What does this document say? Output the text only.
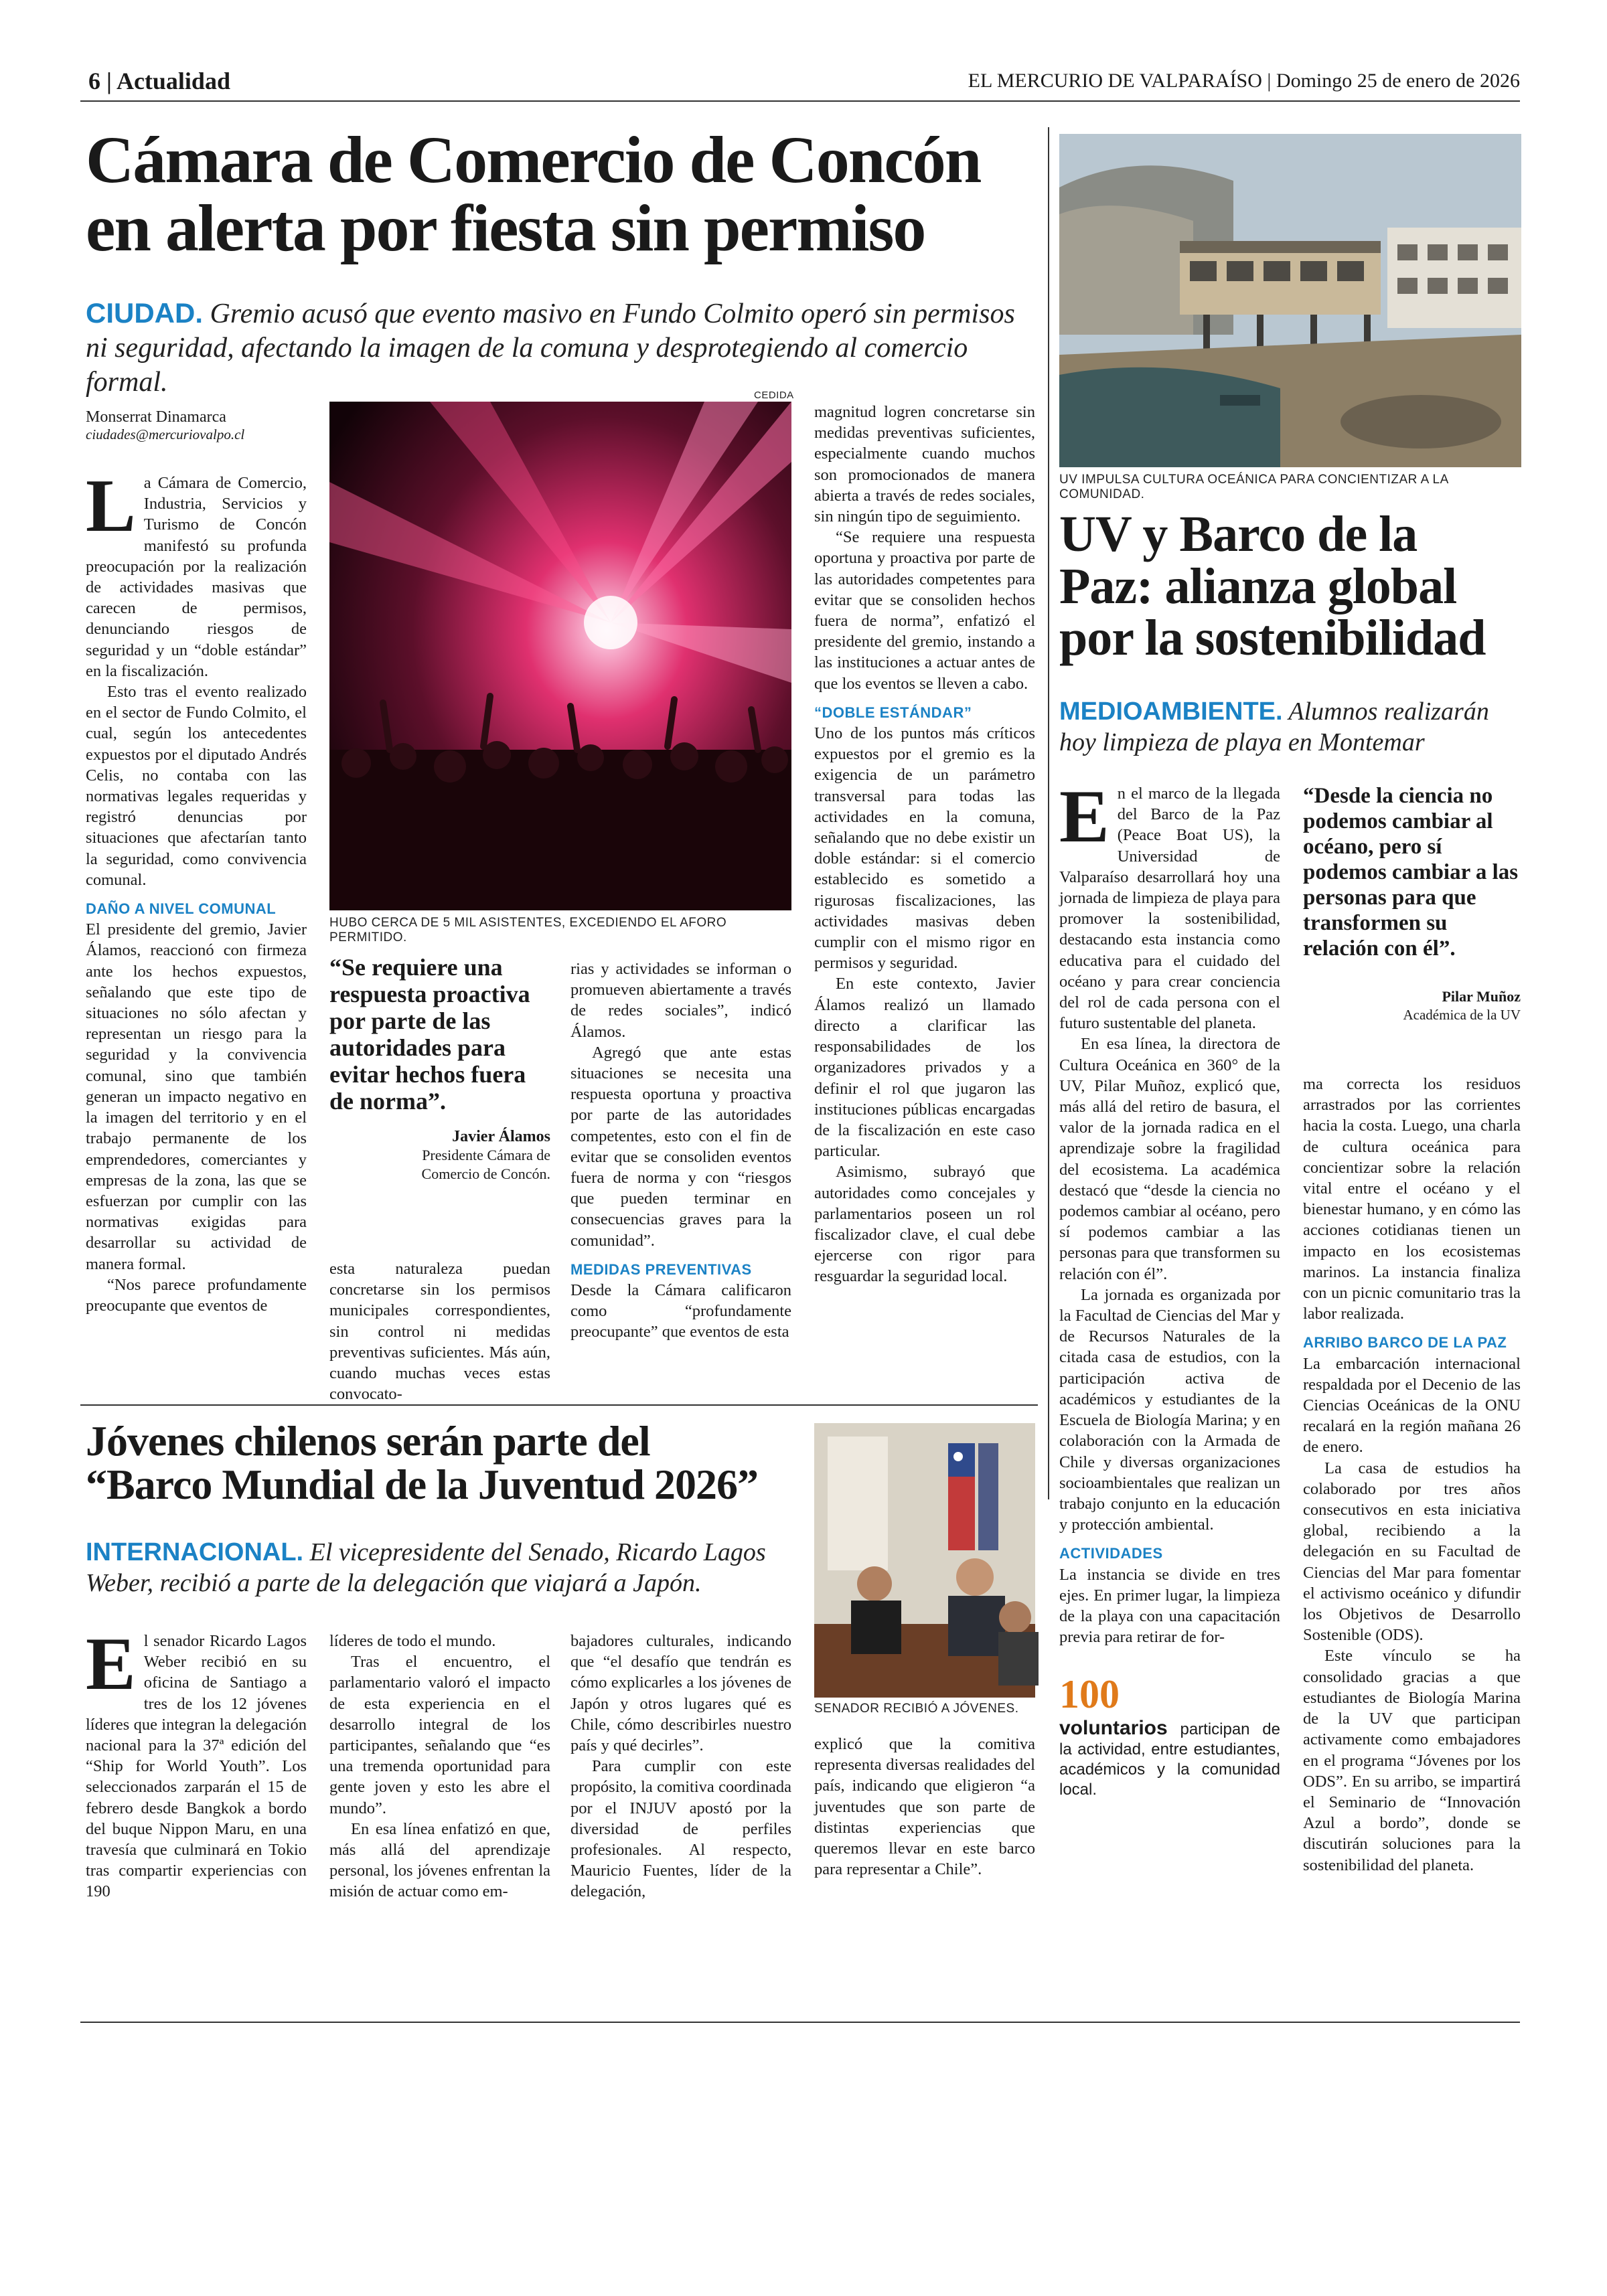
6 | Actualidad	EL MERCURIO DE VALPARAÍSO | Domingo 25 de enero de 2026
Cámara de Comercio de Concón
en alerta por fiesta sin permiso
CIUDAD. Gremio acusó que evento masivo en Fundo Colmito operó sin permisos ni seguridad, afectando la imagen de la comuna y desprotegiendo al comercio formal.
Monserrat Dinamarca
ciudades@mercuriovalpo.cl
L a Cámara de Comercio, Industria, Servicios y Turismo de Concón manifestó su profunda preocupación por la realización de actividades masivas que carecen de permisos, denunciando riesgos de seguridad y un “doble estándar” en la fiscalización.

Esto tras el evento realizado en el sector de Fundo Colmito, el cual, según los antecedentes expuestos por el diputado Andrés Celis, no contaba con las normativas legales requeridas y registró denuncias por situaciones que afectarían tanto la seguridad, como convivencia comunal.

DAÑO A NIVEL COMUNAL

El presidente del gremio, Javier Álamos, reaccionó con firmeza ante los hechos expuestos, señalando que este tipo de situaciones no sólo afectan y representan un riesgo para la seguridad y la convivencia comunal, sino que también generan un impacto negativo en la imagen del territorio y en el trabajo permanente de los emprendedores, comerciantes y empresas de la zona, las que se esfuerzan por cumplir con las normativas exigidas para desarrollar su actividad de manera formal.

“Nos parece profundamente preocupante que eventos de

CEDIDA
HUBO CERCA DE 5 MIL ASISTENTES, EXCEDIENDO EL AFORO PERMITIDO.
“Se requiere una respuesta proactiva por parte de las autoridades para evitar hechos fuera de norma”.
Javier Álamos
Presidente Cámara de Comercio de Concón.

esta naturaleza puedan concretarse sin los permisos municipales correspondientes, sin control ni medidas preventivas suficientes. Más aún, cuando muchas veces estas convocato-

rias y actividades se informan o promueven abiertamente a través de redes sociales”, indicó Álamos.

Agregó que ante estas situaciones se necesita una respuesta oportuna y proactiva por parte de las autoridades competentes, esto con el fin de evitar que se consoliden eventos fuera de norma y con “riesgos que pueden terminar en consecuencias graves para la comunidad”.

MEDIDAS PREVENTIVAS

Desde la Cámara calificaron como “profundamente preocupante” que eventos de esta

magnitud logren concretarse sin medidas preventivas suficientes, especialmente cuando muchos son promocionados de manera abierta a través de redes sociales, sin ningún tipo de seguimiento.

“Se requiere una respuesta oportuna y proactiva por parte de las autoridades competentes para evitar que se consoliden hechos fuera de norma”, enfatizó el presidente del gremio, instando a las instituciones a actuar antes de que los eventos se lleven a cabo.

“DOBLE ESTÁNDAR”

Uno de los puntos más críticos expuestos por el gremio es la exigencia de un parámetro transversal para todas las actividades en la comuna, señalando que no debe existir un doble estándar: si el comercio establecido es sometido a rigurosas fiscalizaciones, las actividades masivas deben cumplir con el mismo rigor en permisos y seguridad.

En este contexto, Javier Álamos realizó un llamado directo a clarificar las responsabilidades de los organizadores privados y a definir el rol que jugaron las instituciones públicas encargadas de la fiscalización en este caso particular.

Asimismo, subrayó que autoridades como concejales y parlamentarios poseen un rol fiscalizador clave, el cual debe ejercerse con rigor para resguardar la seguridad local.

UV IMPULSA CULTURA OCEÁNICA PARA CONCIENTIZAR A LA COMUNIDAD.
UV y Barco de la
Paz: alianza global
por la sostenibilidad
MEDIOAMBIENTE. Alumnos realizarán hoy limpieza de playa en Montemar
E n el marco de la llegada del Barco de la Paz (Peace Boat US), la Universidad de Valparaíso desarrollará hoy una jornada de limpieza de playa para promover la sostenibilidad, destacando esta instancia como educativa para el cuidado del océano y para crear conciencia del rol de cada persona con el futuro sustentable del planeta.

En esa línea, la directora de Cultura Oceánica en 360° de la UV, Pilar Muñoz, explicó que, más allá del retiro de basura, el valor de la jornada radica en el aprendizaje sobre la fragilidad del ecosistema. La académica destacó que “desde la ciencia no podemos cambiar al océano, pero sí podemos cambiar a las personas para que transformen su relación con él”.

La jornada es organizada por la Facultad de Ciencias del Mar y de Recursos Naturales de la citada casa de estudios, con la participación activa de académicos y estudiantes de la Escuela de Biología Marina; y en colaboración con la Armada de Chile y diversas organizaciones socioambientales que realizan un trabajo conjunto en la educación y protección ambiental.

ACTIVIDADES

La instancia se divide en tres ejes. En primer lugar, la limpieza de la playa con una capacitación previa para retirar de for-

100
voluntarios participan de la actividad, entre estudiantes, académicos y la comunidad local.
“Desde la ciencia no podemos cambiar al océano, pero sí podemos cambiar a las personas para que transformen su relación con él”.
Pilar Muñoz
Académica de la UV

ma correcta los residuos arrastrados por las corrientes hacia la costa. Luego, una charla de cultura oceánica para concientizar sobre la relación vital entre el océano y el bienestar humano, y en cómo las acciones cotidianas tienen un impacto en los ecosistemas marinos. La instancia finaliza con un picnic comunitario tras la labor realizada.

ARRIBO BARCO DE LA PAZ

La embarcación internacional respaldada por el Decenio de las Ciencias Oceánicas de la ONU recalará en la región mañana 26 de enero.

La casa de estudios ha colaborado por tres años consecutivos en esta iniciativa global, recibiendo a la delegación en su Facultad de Ciencias del Mar para fomentar el activismo oceánico y difundir los Objetivos de Desarrollo Sostenible (ODS).

Este vínculo se ha consolidado gracias a que estudiantes de Biología Marina de la UV que participan activamente como embajadores en el programa “Jóvenes por los ODS”. En su arribo, se impartirá el Seminario de “Innovación Azul a bordo”, donde se discutirán soluciones para la sostenibilidad del planeta.

Jóvenes chilenos serán parte del
“Barco Mundial de la Juventud 2026”
INTERNACIONAL. El vicepresidente del Senado, Ricardo Lagos Weber, recibió a parte de la delegación que viajará a Japón.
SENADOR RECIBIÓ A JÓVENES.
E l senador Ricardo Lagos Weber recibió en su oficina de Santiago a tres de los 12 jóvenes líderes que integran la delegación nacional para la 37ª edición del “Ship for World Youth”. Los seleccionados zarparán el 15 de febrero desde Bangkok a bordo del buque Nippon Maru, en una travesía que culminará en Tokio tras compartir experiencias con 190

líderes de todo el mundo.

Tras el encuentro, el parlamentario valoró el impacto de esta experiencia en el desarrollo integral de los participantes, señalando que “es una tremenda oportunidad para gente joven y esto les abre el mundo”.

En esa línea enfatizó en que, más allá del aprendizaje personal, los jóvenes enfrentan la misión de actuar como em-

bajadores culturales, indicando que “el desafío que tendrán es cómo explicarles a los jóvenes de Japón y otros lugares qué es Chile, cómo describirles nuestro país y qué decirles”.

Para cumplir con este propósito, la comitiva coordinada por el INJUV apostó por la diversidad de perfiles profesionales. Al respecto, Mauricio Fuentes, líder de la delegación,

explicó que la comitiva representa diversas realidades del país, indicando que eligieron “a juventudes que son parte de distintas experiencias que queremos llevar en este barco para representar a Chile”.
